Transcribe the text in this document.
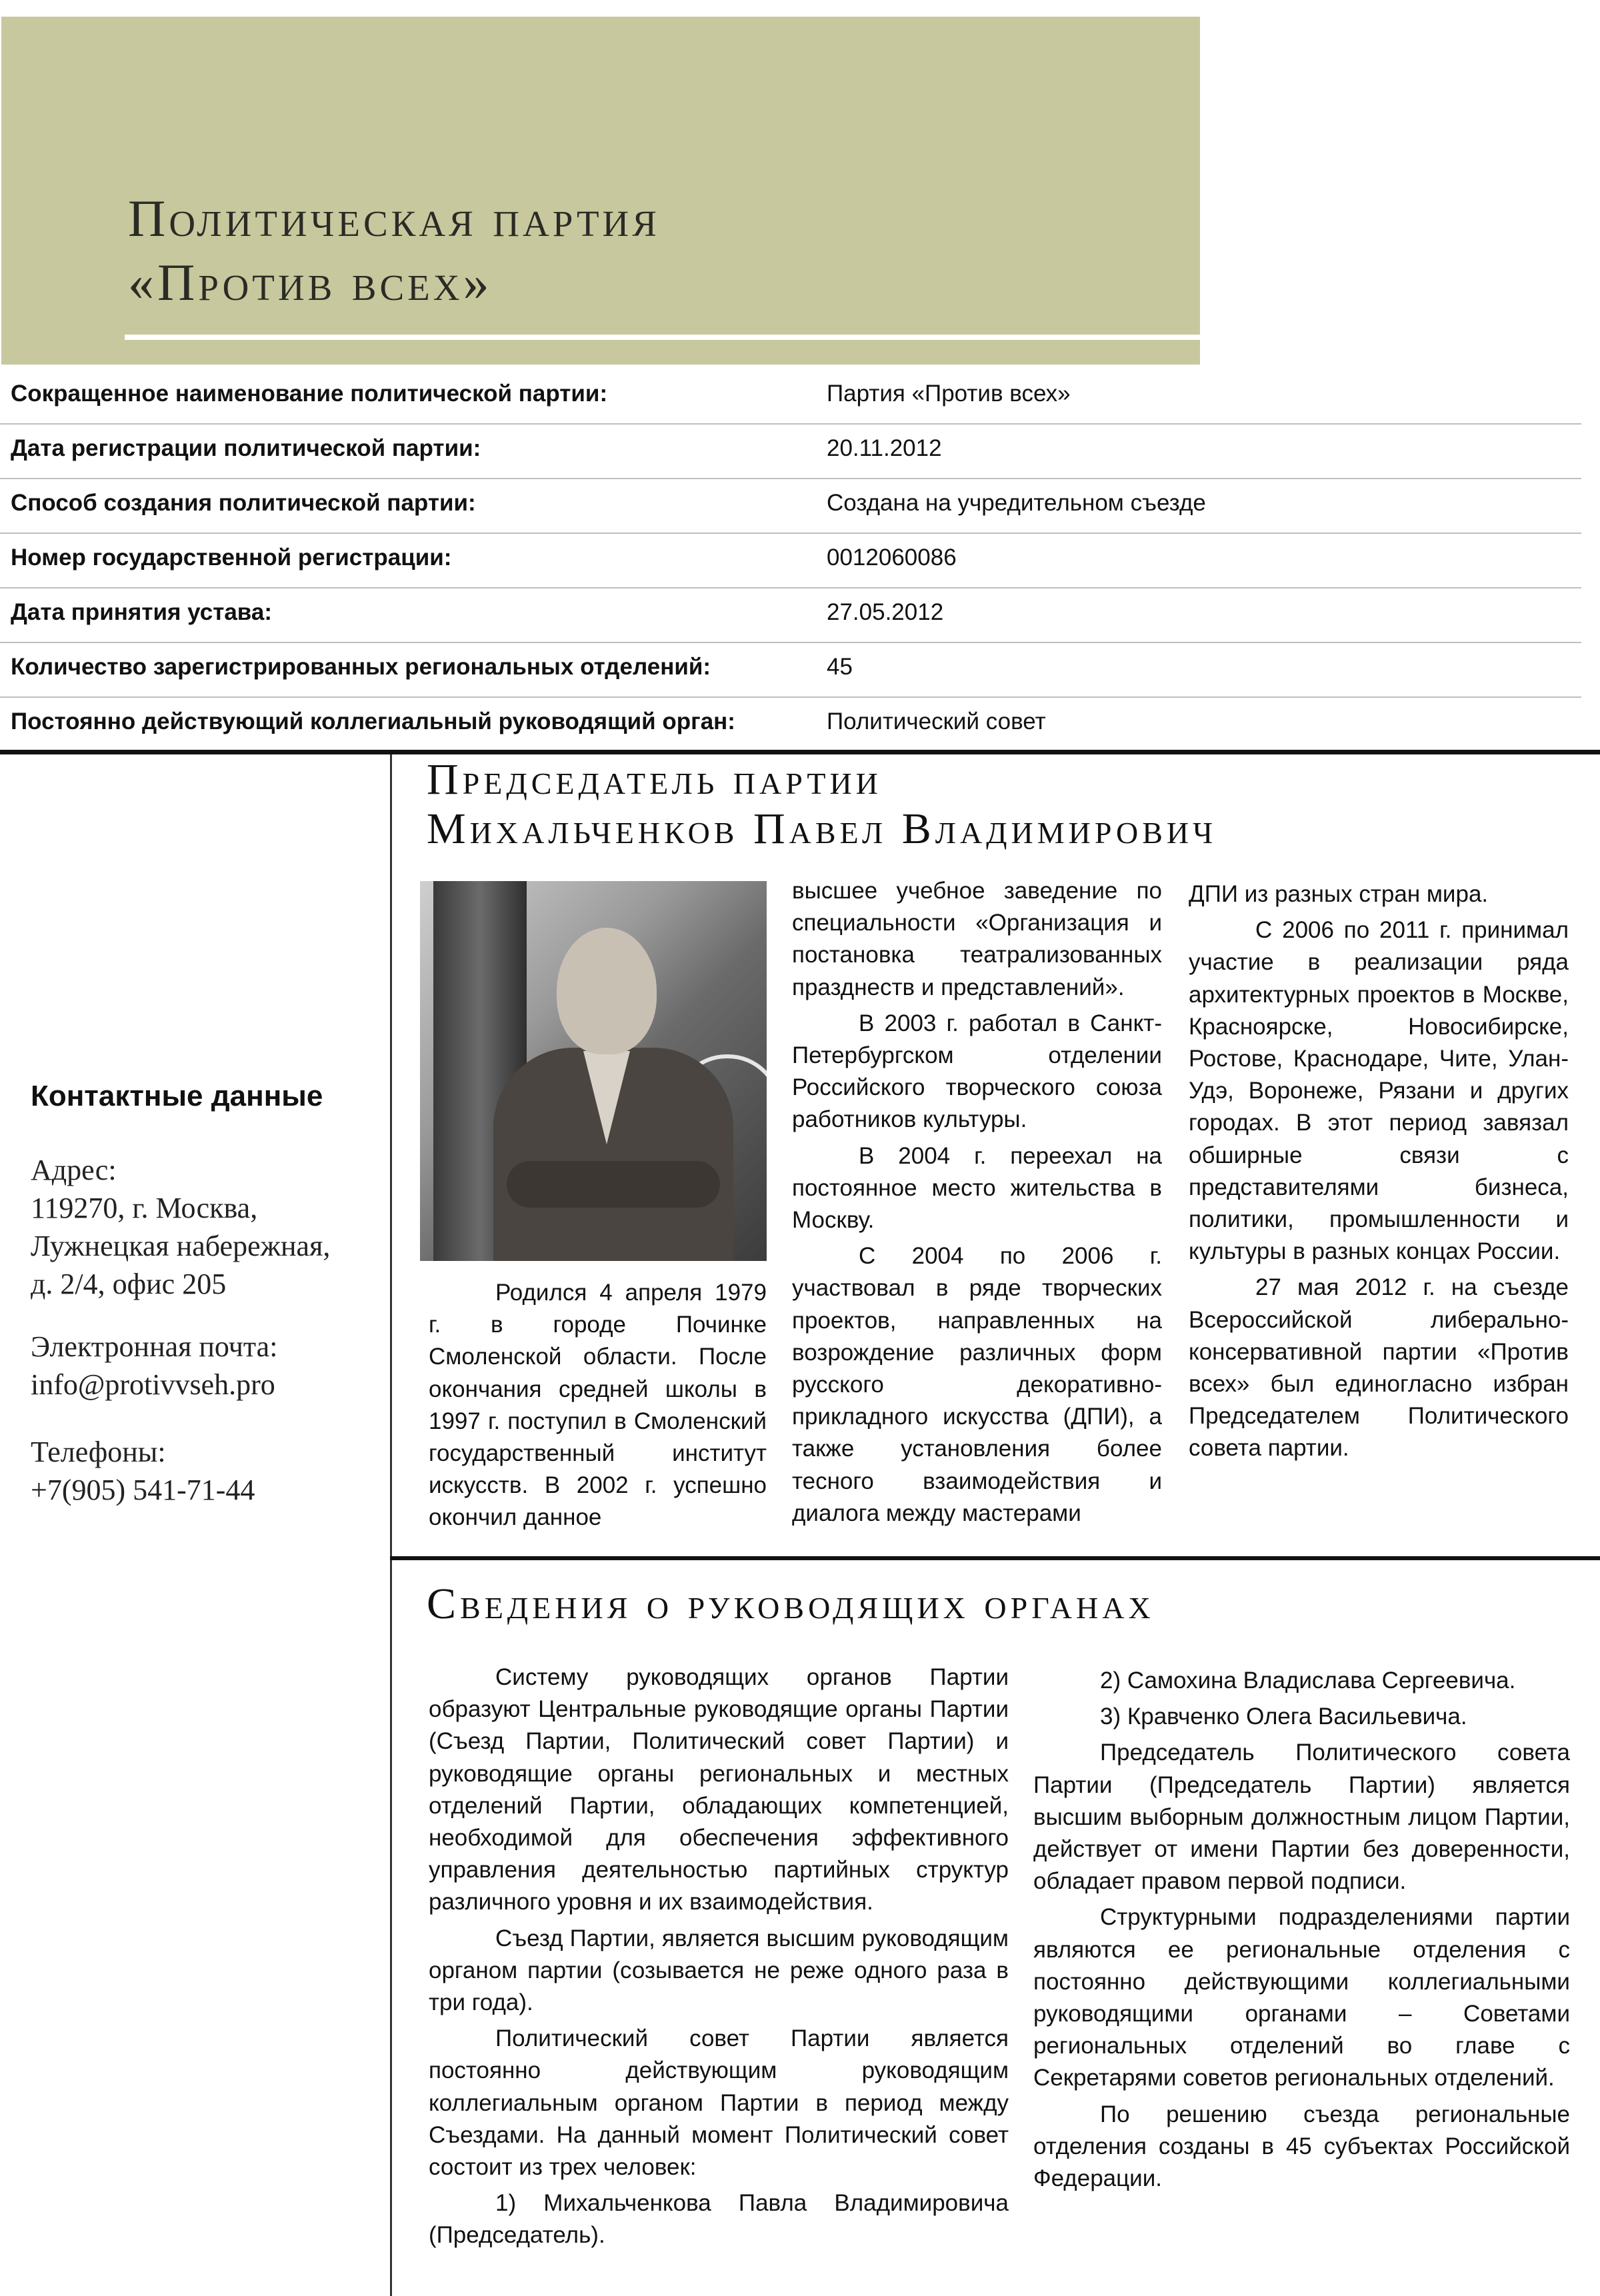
Политическая партия
«Против всех»
Сокращенное наименование политической партии:	Партия «Против всех»
Дата регистрации политической партии:	20.11.2012
Способ создания политической партии:	Создана на учредительном съезде
Номер государственной регистрации:	0012060086
Дата принятия устава:	27.05.2012
Количество зарегистрированных региональных отделений:	45
Постоянно действующий коллегиальный руководящий орган:	Политический совет
Контактные данные
Адрес:
119270, г. Москва,
Лужнецкая набережная,
д. 2/4, офис 205
Электронная почта:
info@protivvseh.pro
Телефоны:
+7(905) 541-71-44
Председатель партии
Михальченков Павел Владимирович

Родился 4 апреля 1979 г. в городе Починке Смоленской области. После окончания средней школы в 1997 г. поступил в Смоленский государственный институт искусств. В 2002 г. успешно окончил данное

высшее учебное заведение по специальности «Организация и постановка театрализованных празднеств и представлений».

В 2003 г. работал в Санкт-Петербургском отделении Российского творческого союза работников культуры.

В 2004 г. переехал на постоянное место жительства в Москву.

С 2004 по 2006 г. участвовал в ряде творческих проектов, направленных на возрождение различных форм русского декоративно-прикладного искусства (ДПИ), а также установления более тесного взаимодействия и диалога между мастерами

ДПИ из разных стран мира.

С 2006 по 2011 г. принимал участие в реализации ряда архитектурных проектов в Москве, Красноярске, Новосибирске, Ростове, Краснодаре, Чите, Улан-Удэ, Воронеже, Рязани и других городах. В этот период завязал обширные связи с представителями бизнеса, политики, промышленности и культуры в разных концах России.

27 мая 2012 г. на съезде Всероссийской либерально-консервативной партии «Против всех» был единогласно избран Председателем Политического совета партии.

Сведения о руководящих органах

Систему руководящих органов Партии образуют Центральные руководящие органы Партии (Съезд Партии, Политический совет Партии) и руководящие органы региональных и местных отделений Партии, обладающих компетенцией, необходимой для обеспечения эффективного управления деятельностью партийных структур различного уровня и их взаимодействия.

Съезд Партии, является высшим руководящим органом партии (созывается не реже одного раза в три года).

Политический совет Партии является постоянно действующим руководящим коллегиальным органом Партии в период между Съездами. На данный момент Политический совет состоит из трех человек:

1) Михальченкова Павла Владимировича (Председатель).

2) Самохина Владислава Сергеевича.

3) Кравченко Олега Васильевича.

Председатель Политического совета Партии (Председатель Партии) является высшим выборным должностным лицом Партии, действует от имени Партии без доверенности, обладает правом первой подписи.

Структурными подразделениями партии являются ее региональные отделения с постоянно действующими коллегиальными руководящими органами – Советами региональных отделений во главе с Секретарями советов региональных отделений.

По решению съезда региональные отделения созданы в 45 субъектах Российской Федерации.
